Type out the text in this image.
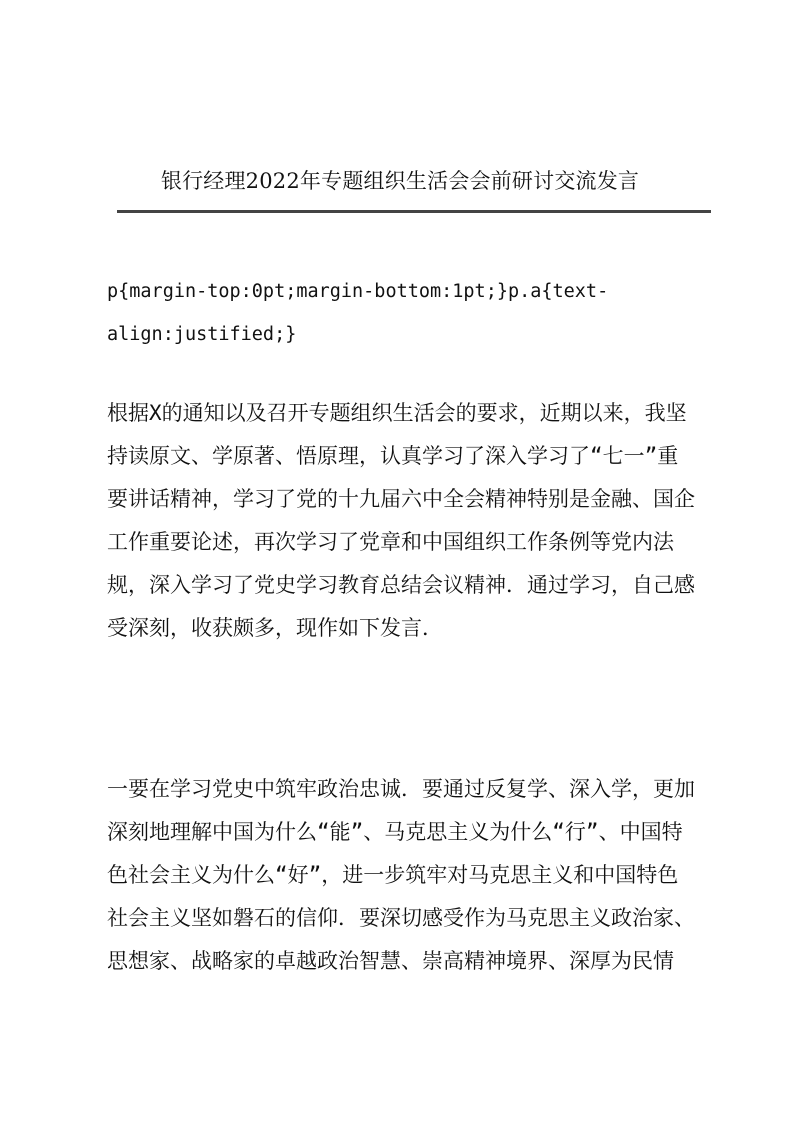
银行经理2022年专题组织生活会会前研讨交流发言
p{margin-top:0pt;margin-bottom:1pt;}p.a{text-
align:justified;}
根据X的通知以及召开专题组织生活会的要求，近期以来，我坚
持读原文、学原著、悟原理，认真学习了深入学习了“七一”重
要讲话精神，学习了党的十九届六中全会精神特别是金融、国企
工作重要论述，再次学习了党章和中国组织工作条例等党内法
规，深入学习了党史学习教育总结会议精神．通过学习，自己感
受深刻，收获颇多，现作如下发言．
一要在学习党史中筑牢政治忠诚．要通过反复学、深入学，更加
深刻地理解中国为什么“能”、马克思主义为什么“行”、中国特
色社会主义为什么“好”，进一步筑牢对马克思主义和中国特色
社会主义坚如磐石的信仰．要深切感受作为马克思主义政治家、
思想家、战略家的卓越政治智慧、崇高精神境界、深厚为民情
